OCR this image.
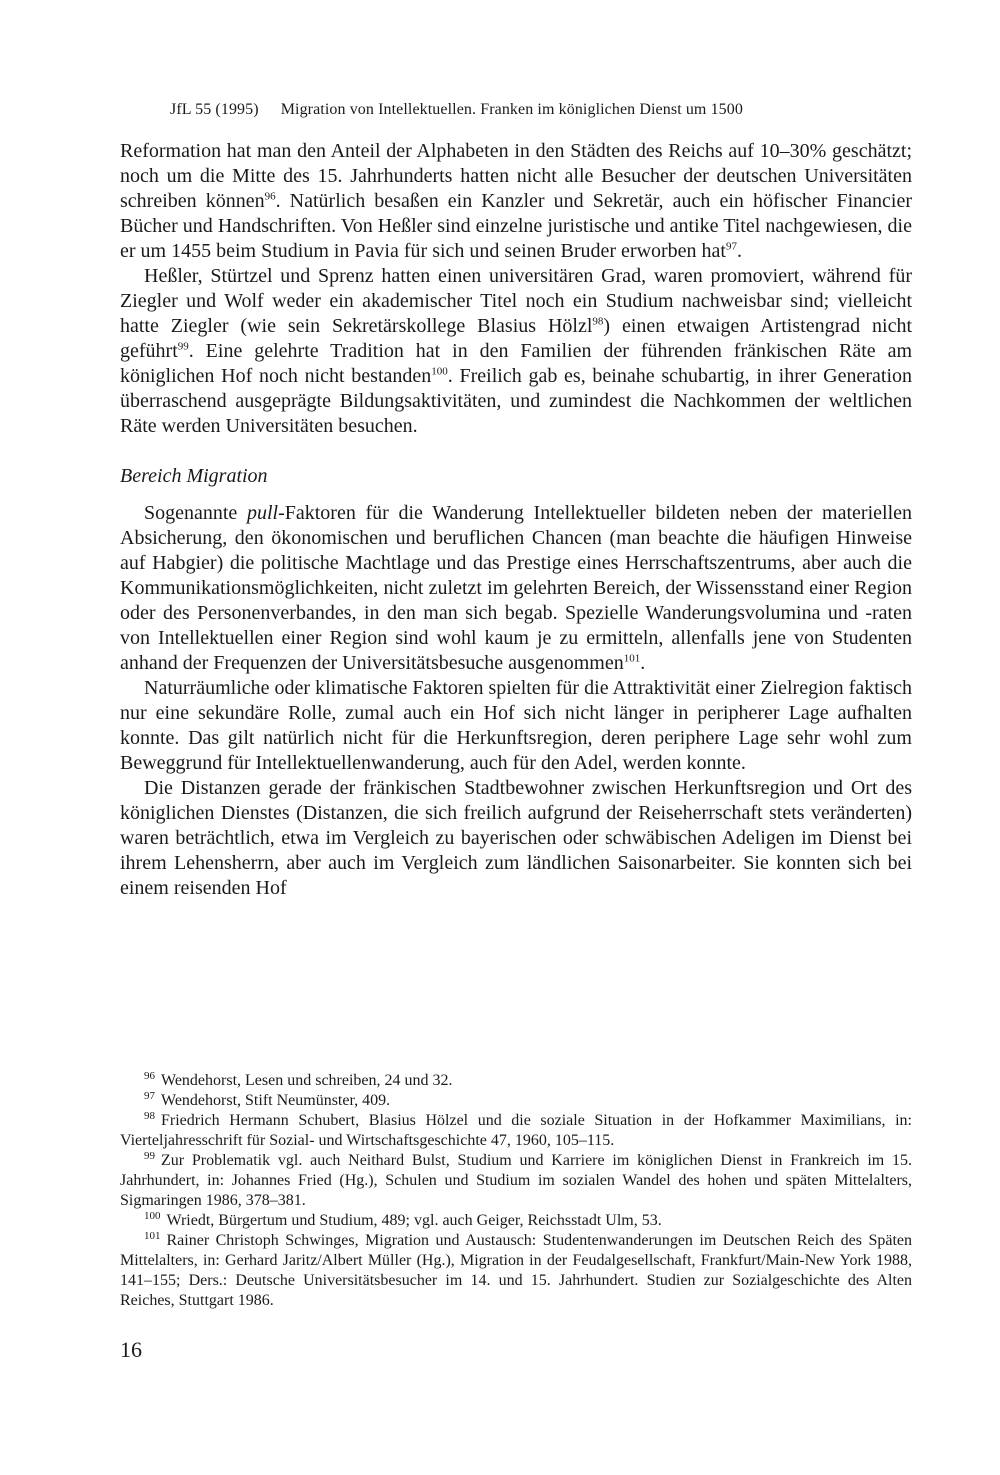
JfL 55 (1995) Migration von Intellektuellen. Franken im königlichen Dienst um 1500

Reformation hat man den Anteil der Alphabeten in den Städten des Reichs auf 10–30% geschätzt; noch um die Mitte des 15. Jahrhunderts hatten nicht alle Besucher der deutschen Universitäten schreiben können$^{96}$. Natürlich besaßen ein Kanzler und Sekretär, auch ein höfischer Financier Bücher und Handschriften. Von Heßler sind einzelne juristische und antike Titel nachgewiesen, die er um 1455 beim Studium in Pavia für sich und seinen Bruder erworben hat$^{97}$.

Heßler, Stürtzel und Sprenz hatten einen universitären Grad, waren promoviert, während für Ziegler und Wolf weder ein akademischer Titel noch ein Studium nachweisbar sind; vielleicht hatte Ziegler (wie sein Sekretärskollege Blasius Hölzl$^{98}$) einen etwaigen Artistengrad nicht geführt$^{99}$. Eine gelehrte Tradition hat in den Familien der führenden fränkischen Räte am königlichen Hof noch nicht bestanden$^{100}$. Freilich gab es, beinahe schubartig, in ihrer Generation überraschend ausgeprägte Bildungsaktivitäten, und zumindest die Nachkommen der weltlichen Räte werden Universitäten besuchen.

Bereich Migration

Sogenannte pull-Faktoren für die Wanderung Intellektueller bildeten neben der materiellen Absicherung, den ökonomischen und beruflichen Chancen (man beachte die häufigen Hinweise auf Habgier) die politische Machtlage und das Prestige eines Herrschaftszentrums, aber auch die Kommunikationsmöglichkeiten, nicht zuletzt im gelehrten Bereich, der Wissensstand einer Region oder des Personenverbandes, in den man sich begab. Spezielle Wanderungsvolumina und -raten von Intellektuellen einer Region sind wohl kaum je zu ermitteln, allenfalls jene von Studenten anhand der Frequenzen der Universitätsbesuche ausgenommen$^{101}$.

Naturräumliche oder klimatische Faktoren spielten für die Attraktivität einer Zielregion faktisch nur eine sekundäre Rolle, zumal auch ein Hof sich nicht länger in peripherer Lage aufhalten konnte. Das gilt natürlich nicht für die Herkunftsregion, deren periphere Lage sehr wohl zum Beweggrund für Intellektuellenwanderung, auch für den Adel, werden konnte.

Die Distanzen gerade der fränkischen Stadtbewohner zwischen Herkunftsregion und Ort des königlichen Dienstes (Distanzen, die sich freilich aufgrund der Reiseherrschaft stets veränderten) waren beträchtlich, etwa im Vergleich zu bayerischen oder schwäbischen Adeligen im Dienst bei ihrem Lehensherrn, aber auch im Vergleich zum ländlichen Saisonarbeiter. Sie konnten sich bei einem reisenden Hof

$^{96}$ Wendehorst, Lesen und schreiben, 24 und 32.

$^{97}$ Wendehorst, Stift Neumünster, 409.

$^{98}$ Friedrich Hermann Schubert, Blasius Hölzel und die soziale Situation in der Hofkammer Maximilians, in: Vierteljahresschrift für Sozial- und Wirtschaftsgeschichte 47, 1960, 105–115.

$^{99}$ Zur Problematik vgl. auch Neithard Bulst, Studium und Karriere im königlichen Dienst in Frankreich im 15. Jahrhundert, in: Johannes Fried (Hg.), Schulen und Studium im sozialen Wandel des hohen und späten Mittelalters, Sigmaringen 1986, 378–381.

$^{100}$ Wriedt, Bürgertum und Studium, 489; vgl. auch Geiger, Reichsstadt Ulm, 53.

$^{101}$ Rainer Christoph Schwinges, Migration und Austausch: Studentenwanderungen im Deutschen Reich des Späten Mittelalters, in: Gerhard Jaritz/Albert Müller (Hg.), Migration in der Feudalgesellschaft, Frankfurt/Main-New York 1988, 141–155; Ders.: Deutsche Universitätsbesucher im 14. und 15. Jahrhundert. Studien zur Sozialgeschichte des Alten Reiches, Stuttgart 1986.

16
